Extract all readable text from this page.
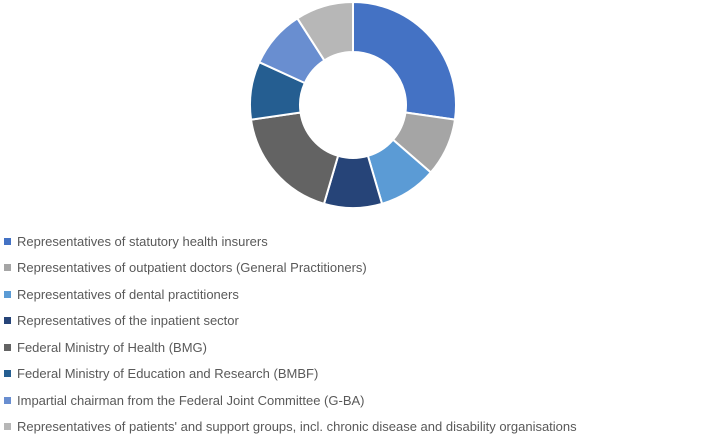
Representatives of statutory health insurers
Representatives of outpatient doctors (General Practitioners)
Representatives of dental practitioners
Representatives of the inpatient sector
Federal Ministry of Health (BMG)
Federal Ministry of Education and Research (BMBF)
Impartial chairman from the Federal Joint Committee (G-BA)
Representatives of patients' and support groups, incl. chronic disease and disability organisations
